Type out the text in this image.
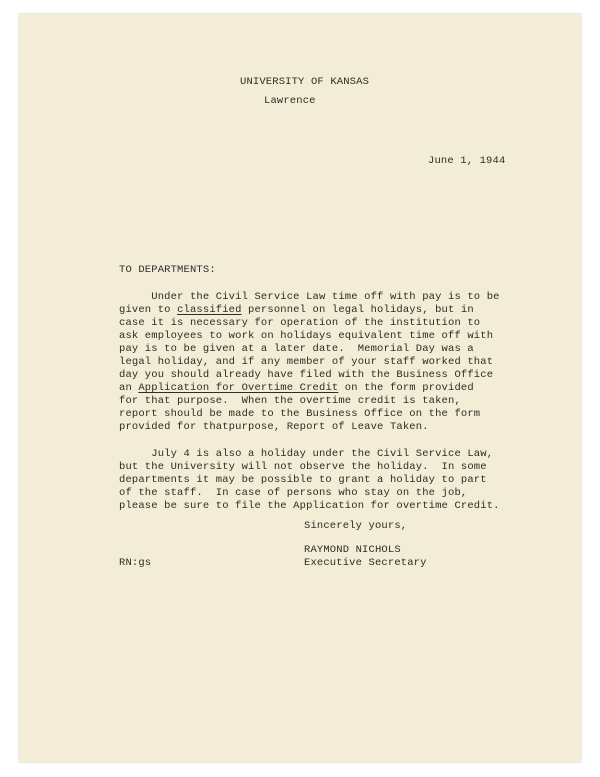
UNIVERSITY OF KANSAS
Lawrence
June 1, 1944
TO DEPARTMENTS:
Under the Civil Service Law time off with pay is to be
given to classified personnel on legal holidays, but in
case it is necessary for operation of the institution to
ask employees to work on holidays equivalent time off with
pay is to be given at a later date.  Memorial Day was a
legal holiday, and if any member of your staff worked that
day you should already have filed with the Business Office
an Application for Overtime Credit on the form provided
for that purpose.  When the overtime credit is taken,
report should be made to the Business Office on the form
provided for thatpurpose, Report of Leave Taken.
July 4 is also a holiday under the Civil Service Law,
but the University will not observe the holiday.  In some
departments it may be possible to grant a holiday to part
of the staff.  In case of persons who stay on the job,
please be sure to file the Application for overtime Credit.
Sincerely yours,
RAYMOND NICHOLS
Executive Secretary
RN:gs
